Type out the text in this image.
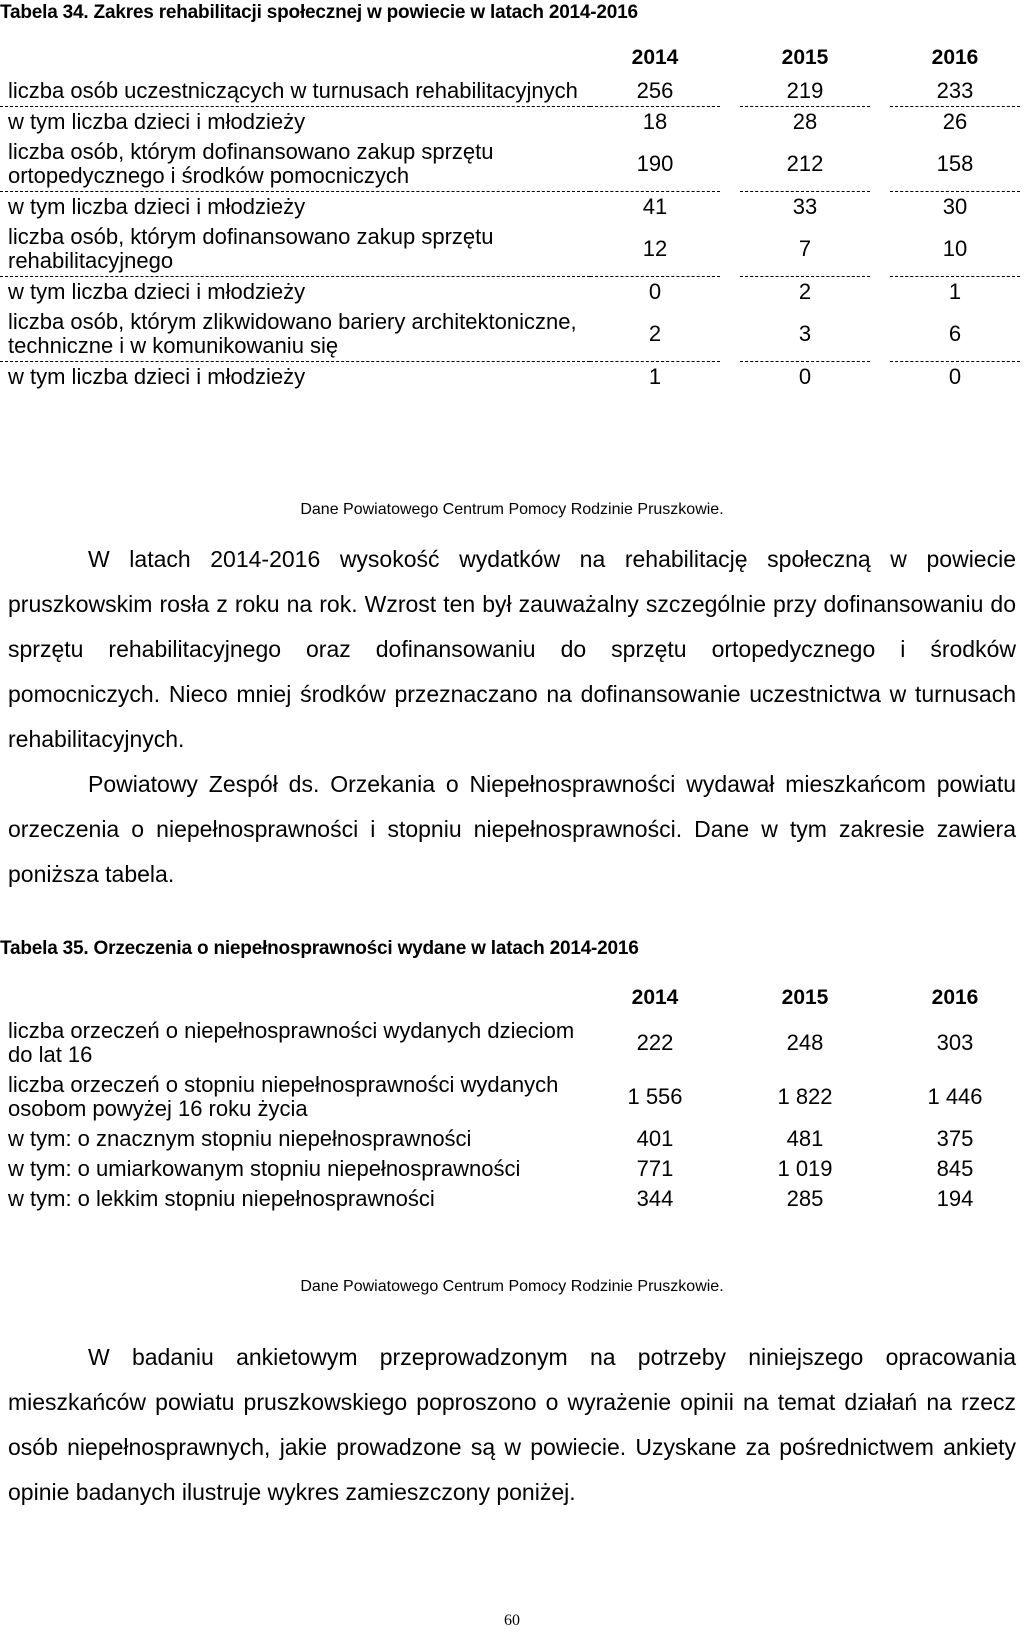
Tabela 34. Zakres rehabilitacji społecznej w powiecie w latach 2014-2016
	2014		2015		2016
liczba osób uczestniczących w turnusach rehabilitacyjnych	256		219		233
w tym liczba dzieci i młodzieży	18		28		26
liczba osób, którym dofinansowano zakup sprzętu ortopedycznego i środków pomocniczych	190		212		158
w tym liczba dzieci i młodzieży	41		33		30
liczba osób, którym dofinansowano zakup sprzętu rehabilitacyjnego	12		7		10
w tym liczba dzieci i młodzieży	0		2		1
liczba osób, którym zlikwidowano bariery architektoniczne, techniczne i w komunikowaniu się	2		3		6
w tym liczba dzieci i młodzieży	1		0		0
Dane Powiatowego Centrum Pomocy Rodzinie Pruszkowie.

W latach 2014-2016 wysokość wydatków na rehabilitację społeczną w powiecie pruszkowskim rosła z roku na rok. Wzrost ten był zauważalny szczególnie przy dofinansowaniu do sprzętu rehabilitacyjnego oraz dofinansowaniu do sprzętu ortopedycznego i środków pomocniczych. Nieco mniej środków przeznaczano na dofinansowanie uczestnictwa w turnusach rehabilitacyjnych.

Powiatowy Zespół ds. Orzekania o Niepełnosprawności wydawał mieszkańcom powiatu orzeczenia o niepełnosprawności i stopniu niepełnosprawności. Dane w tym zakresie zawiera poniższa tabela.

Tabela 35. Orzeczenia o niepełnosprawności wydane w latach 2014-2016
	2014		2015		2016
liczba orzeczeń o niepełnosprawności wydanych dzieciom do lat 16	222		248		303
liczba orzeczeń o stopniu niepełnosprawności wydanych osobom powyżej 16 roku życia	1 556		1 822		1 446
w tym: o znacznym stopniu niepełnosprawności	401		481		375
w tym: o umiarkowanym stopniu niepełnosprawności	771		1 019		845
w tym: o lekkim stopniu niepełnosprawności	344		285		194
Dane Powiatowego Centrum Pomocy Rodzinie Pruszkowie.

W badaniu ankietowym przeprowadzonym na potrzeby niniejszego opracowania mieszkańców powiatu pruszkowskiego poproszono o wyrażenie opinii na temat działań na rzecz osób niepełnosprawnych, jakie prowadzone są w powiecie. Uzyskane za pośrednictwem ankiety opinie badanych ilustruje wykres zamieszczony poniżej.

60
